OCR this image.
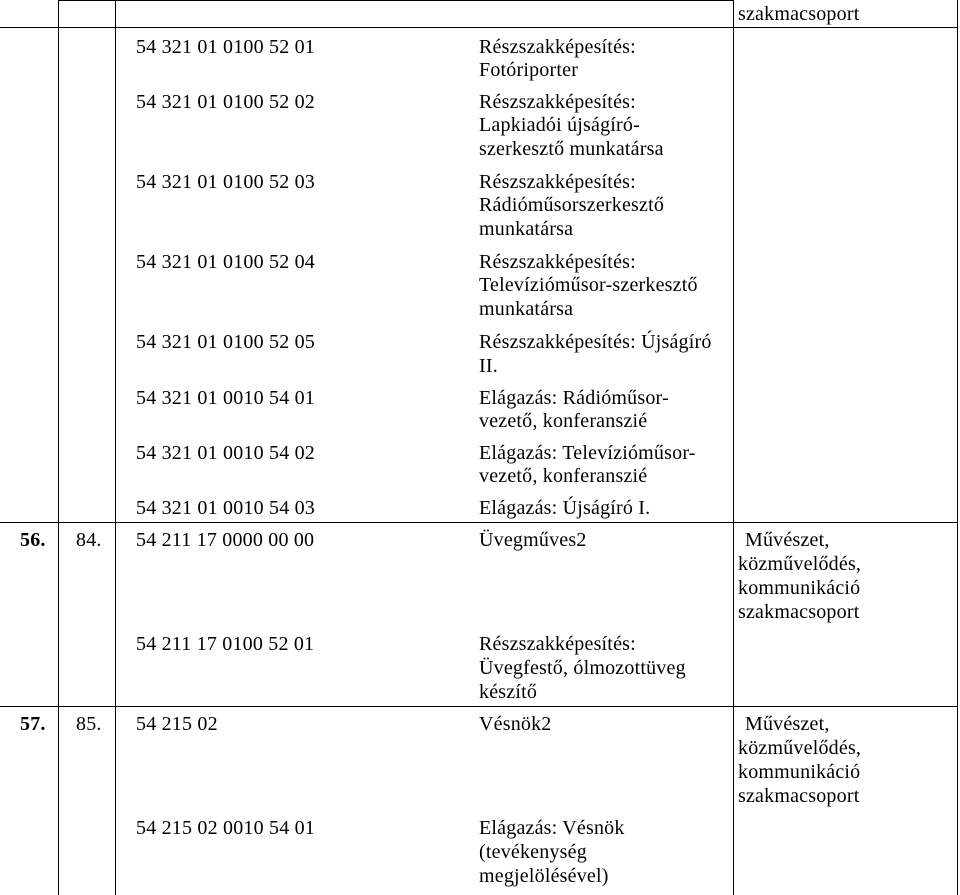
szakmacsoport
54 321 01 0100 52 01	Részszakképesítés:
Fotóriporter
54 321 01 0100 52 02	Részszakképesítés:
Lapkiadói újságíró-
szerkesztő munkatársa
54 321 01 0100 52 03	Részszakképesítés:
Rádióműsorszerkesztő
munkatársa
54 321 01 0100 52 04	Részszakképesítés:
Televízióműsor-szerkesztő
munkatársa
54 321 01 0100 52 05	Részszakképesítés: Újságíró
II.
54 321 01 0010 54 01	Elágazás: Rádióműsor-
vezető, konferanszié
54 321 01 0010 54 02	Elágazás: Televízióműsor-
vezető, konferanszié
54 321 01 0010 54 03	Elágazás: Újságíró I.
56. 84. 54 211 17 0000 00 00	Üvegműves2	Művészet,
közművelődés,
kommunikáció
szakmacsoport
54 211 17 0100 52 01	Részszakképesítés:
Üvegfestő, ólmozottüveg
készítő
57. 85. 54 215 02	Vésnök2	Művészet,
közművelődés,
kommunikáció
szakmacsoport
54 215 02 0010 54 01	Elágazás: Vésnök
(tevékenység
megjelölésével)
